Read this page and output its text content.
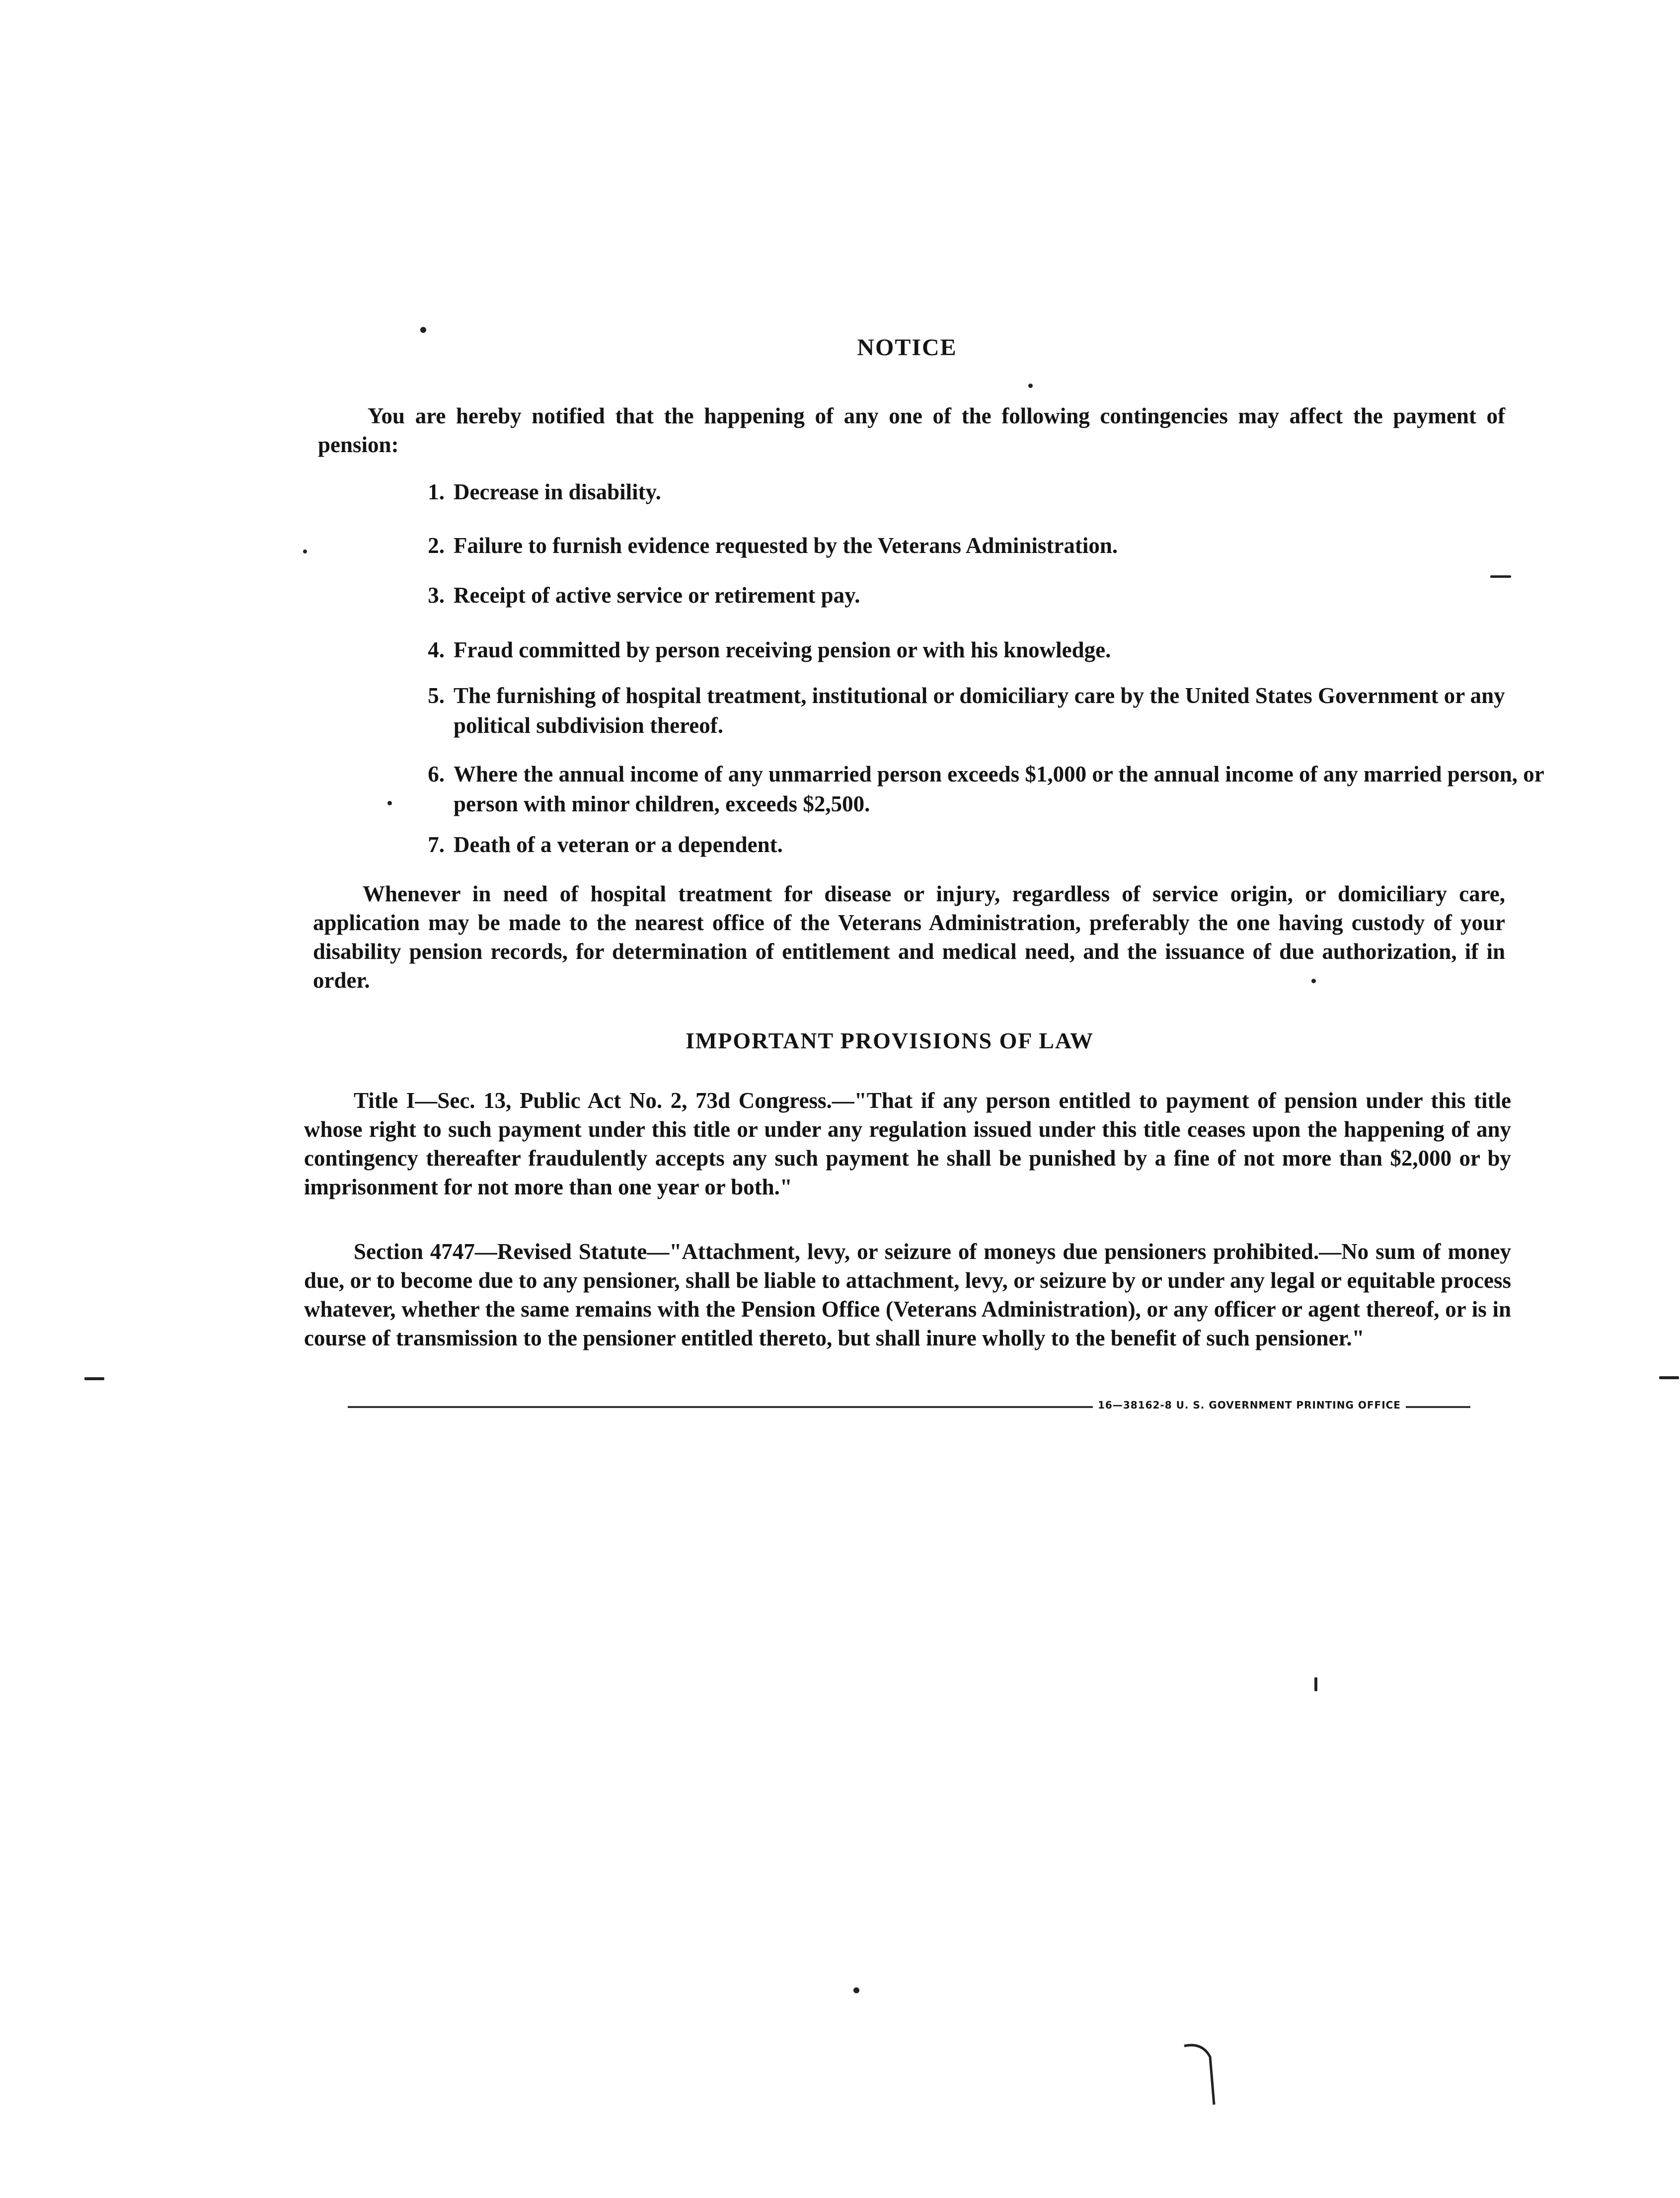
NOTICE
You are hereby notified that the happening of any one of the following contingencies may affect the payment of pension:
1. Decrease in disability.
2. Failure to furnish evidence requested by the Veterans Administration.
3. Receipt of active service or retirement pay.
4. Fraud committed by person receiving pension or with his knowledge.
5. The furnishing of hospital treatment, institutional or domiciliary care by the United States Government or any political subdivision thereof.
6. Where the annual income of any unmarried person exceeds $1,000 or the annual income of any married person, or person with minor children, exceeds $2,500.
7. Death of a veteran or a dependent.
Whenever in need of hospital treatment for disease or injury, regardless of service origin, or domiciliary care, application may be made to the nearest office of the Veterans Administration, preferably the one having custody of your disability pension records, for determination of entitlement and medical need, and the issuance of due authorization, if in order.
IMPORTANT PROVISIONS OF LAW
Title I—Sec. 13, Public Act No. 2, 73d Congress.—"That if any person entitled to payment of pension under this title whose right to such payment under this title or under any regulation issued under this title ceases upon the happening of any contingency thereafter fraudulently accepts any such payment he shall be punished by a fine of not more than $2,000 or by imprisonment for not more than one year or both."
Section 4747—Revised Statute—"Attachment, levy, or seizure of moneys due pensioners prohibited.—No sum of money due, or to become due to any pensioner, shall be liable to attachment, levy, or seizure by or under any legal or equitable process whatever, whether the same remains with the Pension Office (Veterans Administration), or any officer or agent thereof, or is in course of transmission to the pensioner entitled thereto, but shall inure wholly to the benefit of such pensioner."
16—38162-8 U. S. GOVERNMENT PRINTING OFFICE
